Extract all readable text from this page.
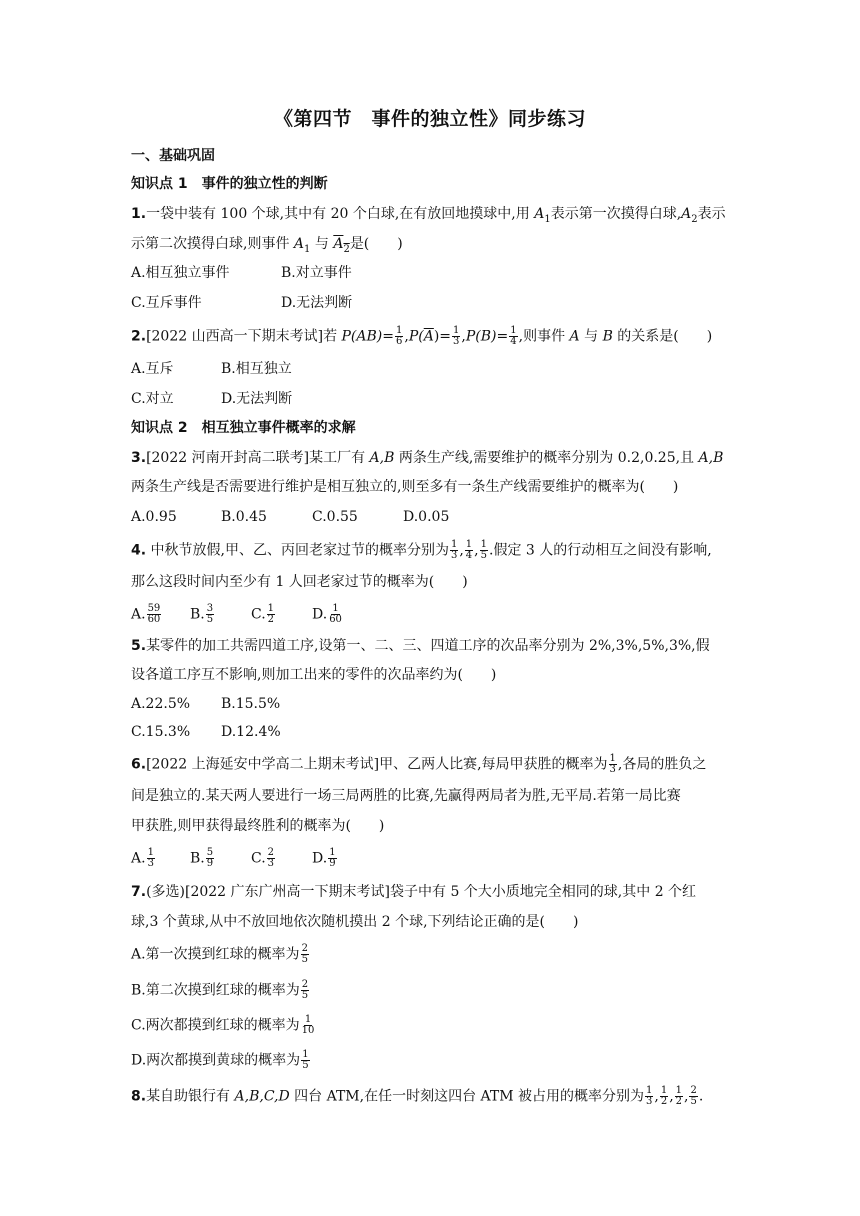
《第四节　事件的独立性》同步练习
一、基础巩固
知识点 1　事件的独立性的判断
1.一袋中装有 100 个球,其中有 20 个白球,在有放回地摸球中,用 $A_1$表示第一次摸得白球$,A_2$表示
示第二次摸得白球,则事件 $A_1$ 与 $A_2$是(　　)
A.相互独立事件	B.对立事件
C.互斥事件	D.无法判断
2.[2022 山西高一下期末考试]若 $P(AB)= \frac{1}{6} ,P(\overline{A})= \frac{1}{3} ,P(B)= \frac{1}{4}$ ,则事件 A 与 B 的关系是(　　)
A.互斥	B.相互独立
C.对立	D.无法判断
知识点 2　相互独立事件概率的求解
3.[2022 河南开封高二联考]某工厂有 A,B 两条生产线,需要维护的概率分别为 0.2,0.25,且 A,B
两条生产线是否需要进行维护是相互独立的,则至多有一条生产线需要维护的概率为(　　)
A.0.95	B.0.45	C.0.55	D.0.05
4. 中秋节放假,甲、乙、丙回老家过节的概率分别为 $\frac{1}{3}$ , $\frac{1}{4}$ , $\frac{1}{5}$ .假定 3 人的行动相互之间没有影响,
那么这段时间内至少有 1 人回老家过节的概率为(　　)
A. $\frac{59}{60} B$. $\frac{3}{5}$	C. $\frac{1}{2}$	D. $\frac{1}{60}$
5.某零件的加工共需四道工序,设第一、二、三、四道工序的次品率分别为 2%,3%,5%,3%,假
设各道工序互不影响,则加工出来的零件的次品率约为(　　)
A.22.5% B.15.5%
C.15.3% D.12.4%
6.[2022 上海延安中学高二上期末考试]甲、乙两人比赛,每局甲获胜的概率为 $\frac{1}{3}$ ,各局的胜负之
间是独立的.某天两人要进行一场三局两胜的比赛,先赢得两局者为胜,无平局.若第一局比赛
甲获胜,则甲获得最终胜利的概率为(　　)
A. $\frac{1}{3}$	B. $\frac{5}{9}$	C. $\frac{2}{3}$	D. $\frac{1}{9}$
7.(多选)[2022 广东广州高一下期末考试]袋子中有 5 个大小质地完全相同的球,其中 2 个红
球,3 个黄球,从中不放回地依次随机摸出 2 个球,下列结论正确的是(　　)
A.第一次摸到红球的概率为 $\frac{2}{5}$
B.第二次摸到红球的概率为 $\frac{2}{5}$
C.两次都摸到红球的概率为 $\frac{1}{10}$
D.两次都摸到黄球的概率为 $\frac{1}{5}$
8.某自助银行有 A,B,C,D 四台 ATM,在任一时刻这四台 ATM 被占用的概率分别为 $\frac{1}{3}$ , $\frac{1}{2}$ , $\frac{1}{2}$ , $\frac{2}{5}$ .
